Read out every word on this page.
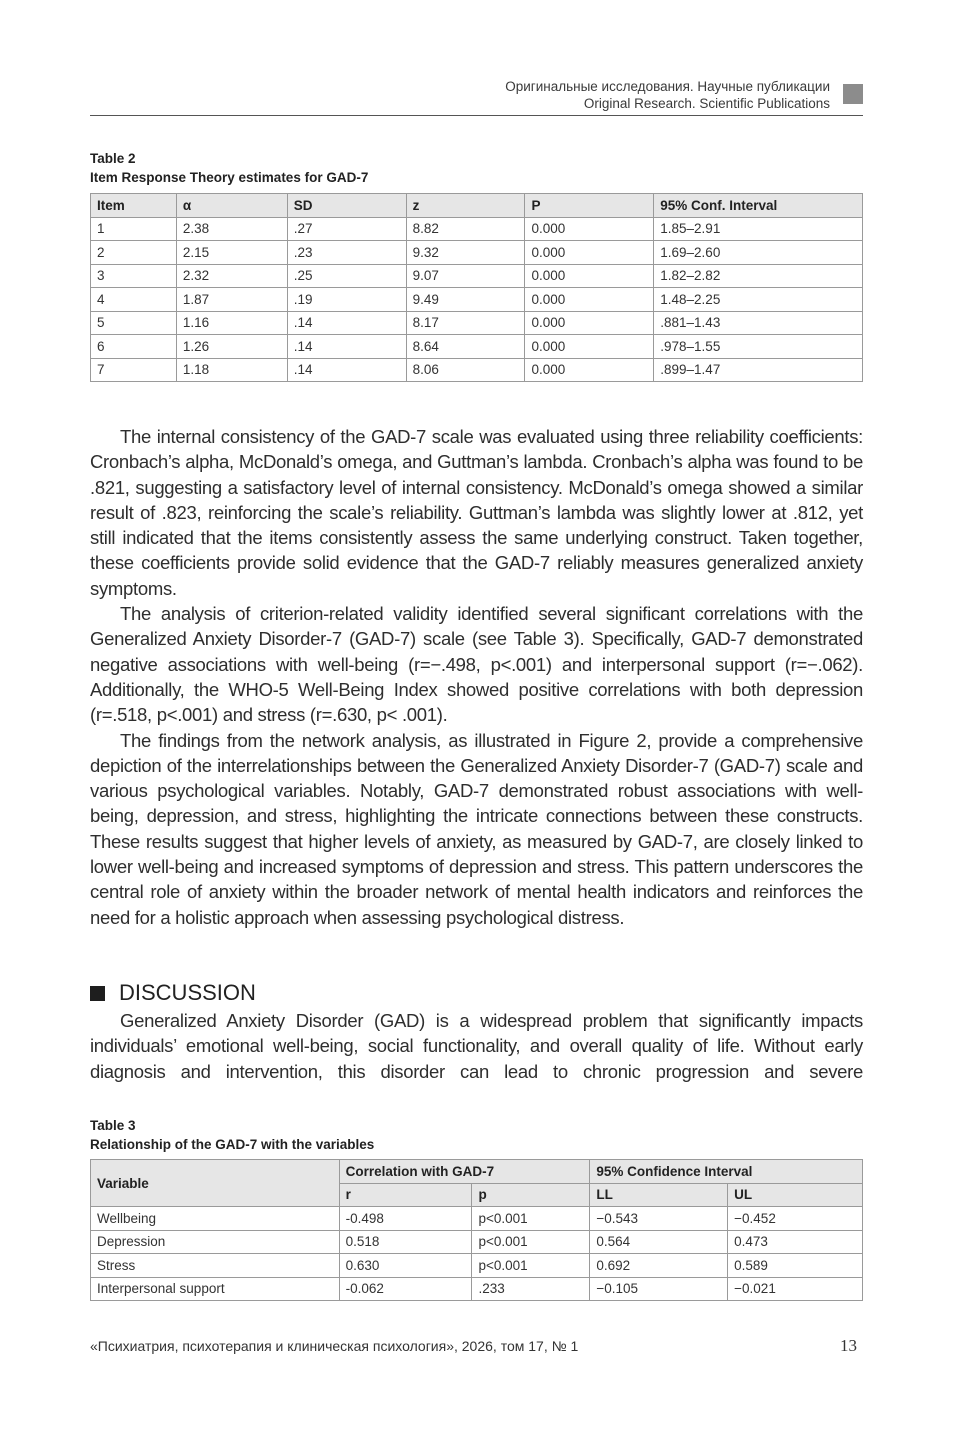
Оригинальные исследования. Научные публикации
Original Research. Scientific Publications
Table 2
Item Response Theory estimates for GAD-7
Item	α	SD	z	P	95% Conf. Interval
1	2.38	.27	8.82	0.000	1.85–2.91
2	2.15	.23	9.32	0.000	1.69–2.60
3	2.32	.25	9.07	0.000	1.82–2.82
4	1.87	.19	9.49	0.000	1.48–2.25
5	1.16	.14	8.17	0.000	.881–1.43
6	1.26	.14	8.64	0.000	.978–1.55
7	1.18	.14	8.06	0.000	.899–1.47

The internal consistency of the GAD-7 scale was evaluated using three reliability coefficients: Cronbach’s alpha, McDonald’s omega, and Guttman’s lambda. Cronbach’s alpha was found to be .821, suggesting a satisfactory level of internal consistency. McDonald’s omega showed a similar result of .823, reinforcing the scale’s reliability. Guttman’s lambda was slightly lower at .812, yet still indicated that the items consistently assess the same underlying construct. Taken together, these coefficients provide solid evidence that the GAD-7 reliably measures generalized anxiety symptoms.

The analysis of criterion-related validity identified several significant correlations with the Generalized Anxiety Disorder-7 (GAD-7) scale (see Table 3). Specifically, GAD-7 demonstrated negative associations with well-being (r=−.498, p<.001) and interpersonal support (r=−.062). Additionally, the WHO-5 Well-Being Index showed positive correlations with both depression (r=.518, p<.001) and stress (r=.630, p< .001).

The findings from the network analysis, as illustrated in Figure 2, provide a comprehensive depiction of the interrelationships between the Generalized Anxiety Disorder-7 (GAD-7) scale and various psychological variables. Notably, GAD-7 demonstrated robust associations with well-being, depression, and stress, highlighting the intricate connections between these constructs. These results suggest that higher levels of anxiety, as measured by GAD-7, are closely linked to lower well-being and increased symptoms of depression and stress. This pattern underscores the central role of anxiety within the broader network of mental health indicators and reinforces the need for a holistic approach when assessing psychological distress.

DISCUSSION

Generalized Anxiety Disorder (GAD) is a widespread problem that significantly impacts individuals’ emotional well-being, social functionality, and overall quality of life. Without early diagnosis and intervention, this disorder can lead to chronic progression and severe

Table 3
Relationship of the GAD-7 with the variables
Variable	Correlation with GAD-7		95% Confidence Interval	
	r	p	LL	UL
Wellbeing	-0.498	p<0.001	−0.543	−0.452
Depression	0.518	p<0.001	0.564	0.473
Stress	0.630	p<0.001	0.692	0.589
Interpersonal support	-0.062	.233	−0.105	−0.021
«Психиатрия, психотерапия и клиническая психология», 2026, том 17, № 1	13
